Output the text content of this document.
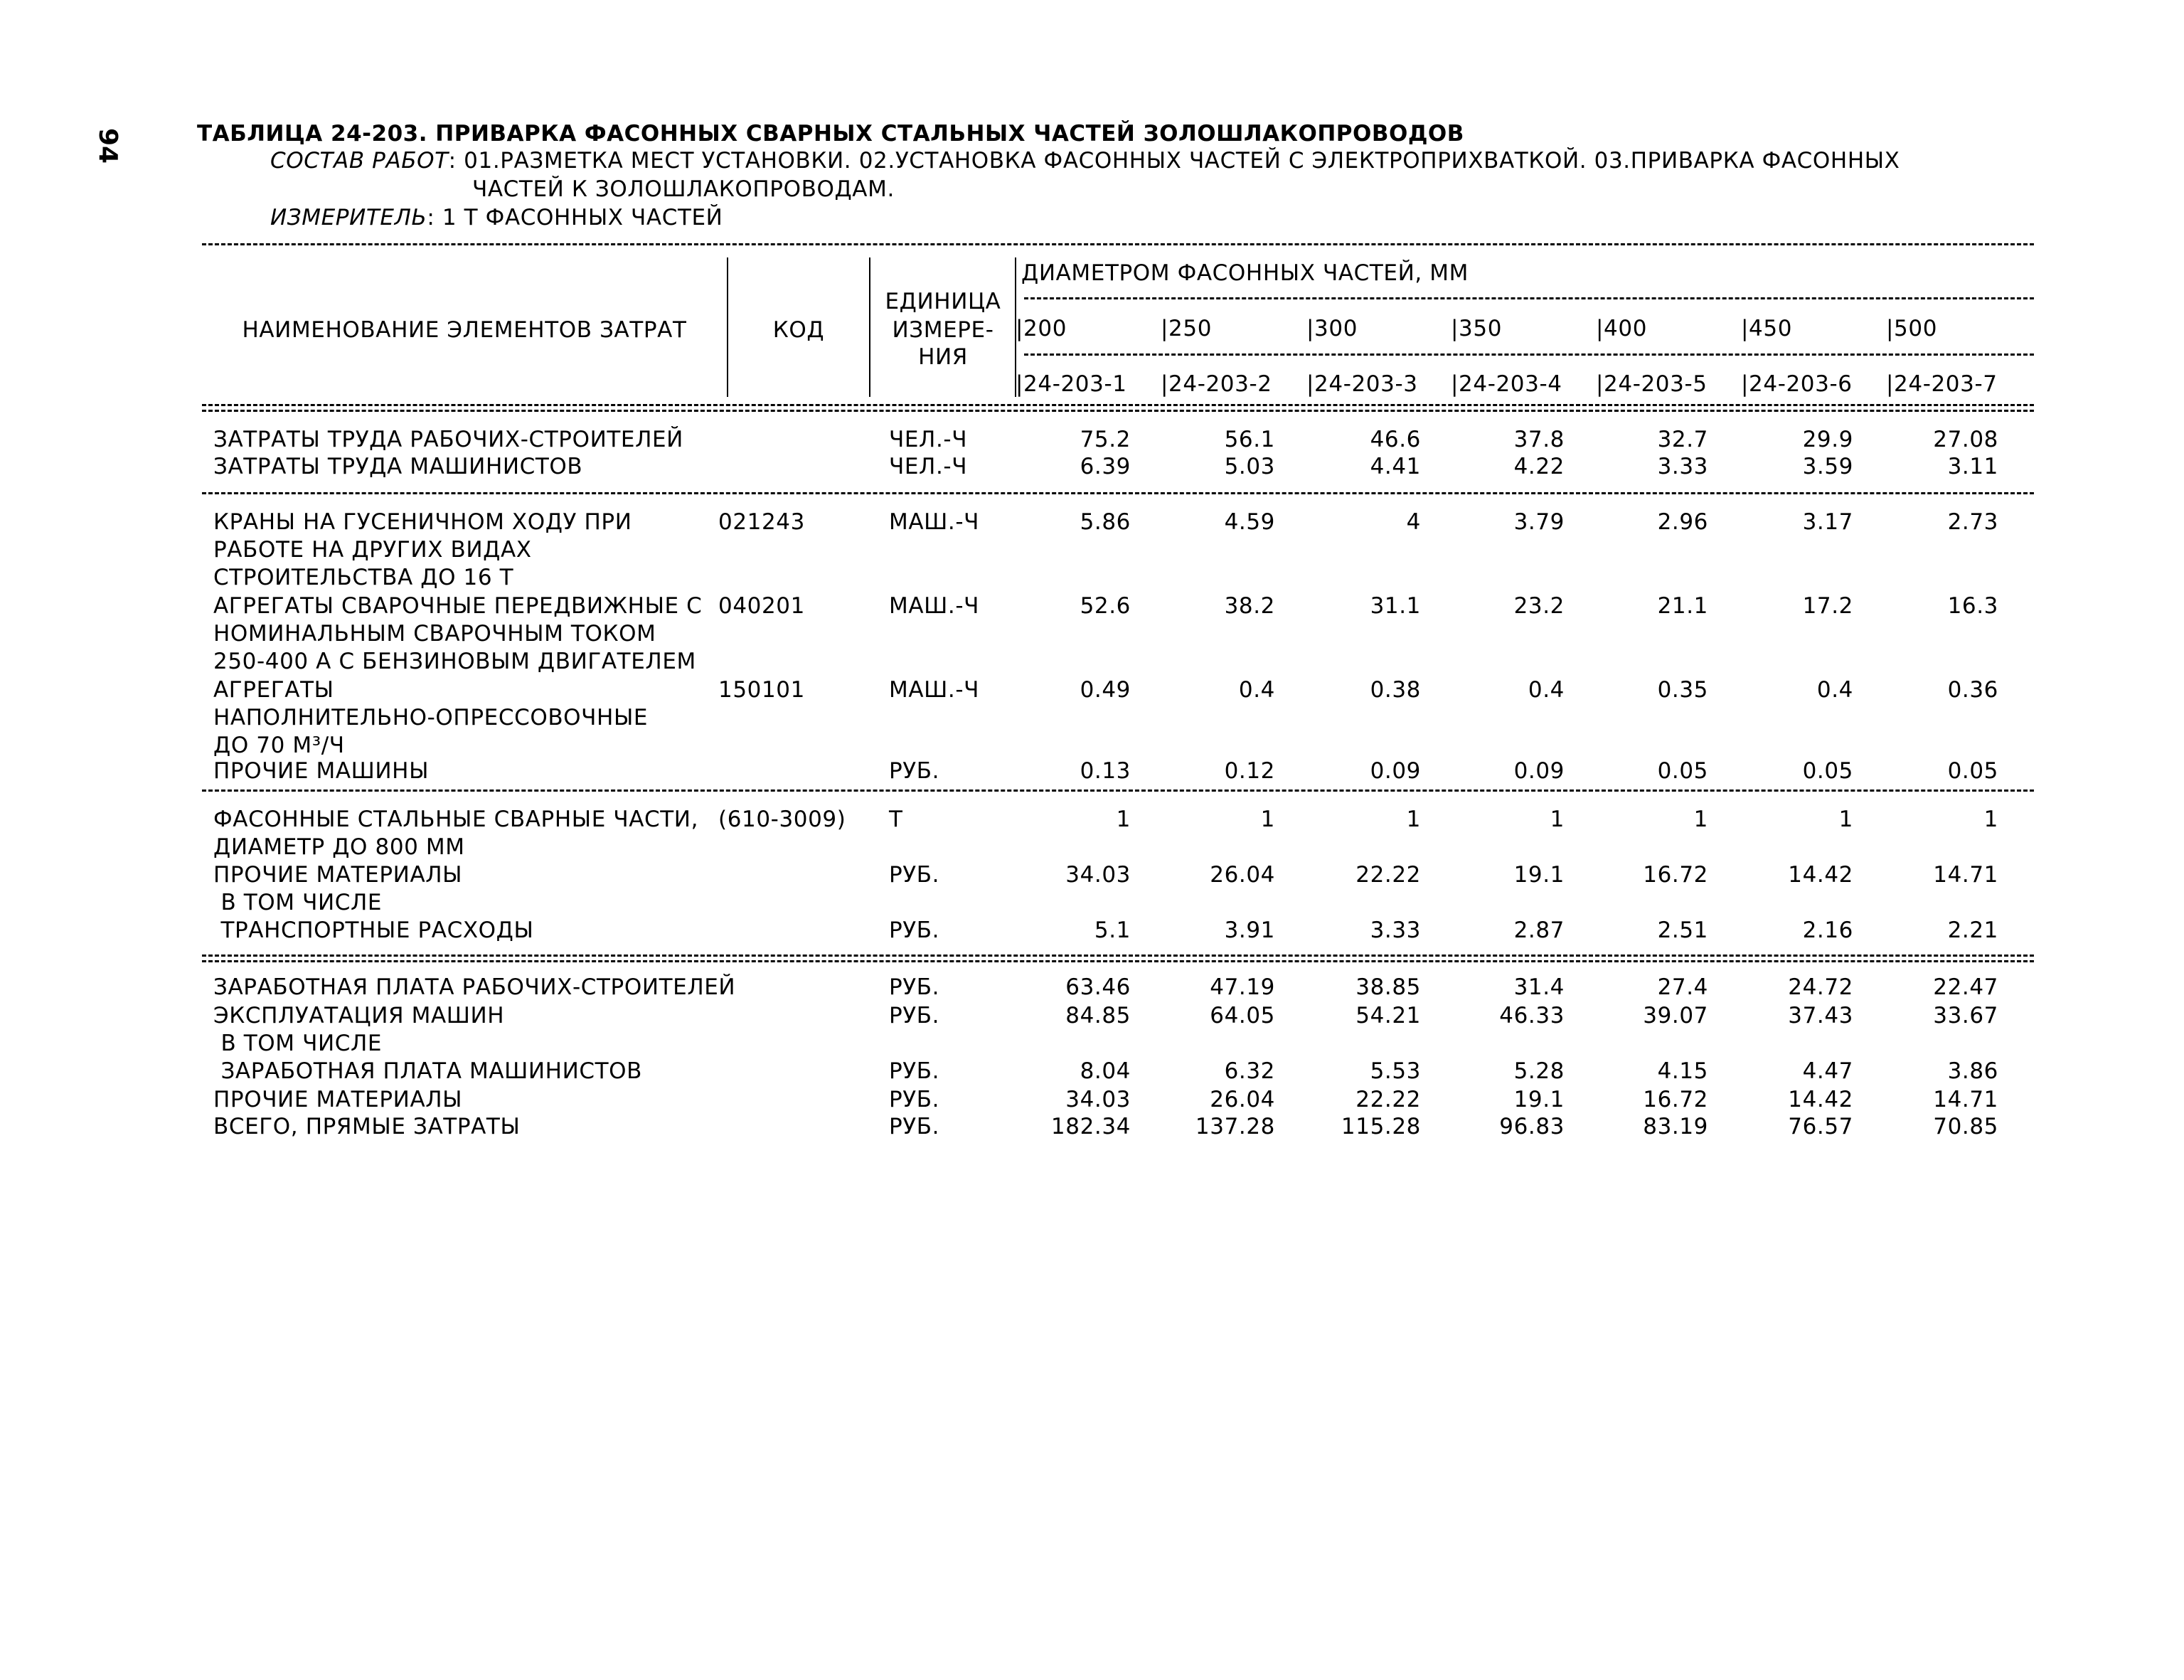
94	ТАБЛИЦА 24-203. ПРИВАРКА ФАСОННЫХ СВАРНЫХ СТАЛЬНЫХ ЧАСТЕЙ ЗОЛОШЛАКОПРОВОДОВ
СОСТАВ РАБОТ: 01.РАЗМЕТКА МЕСТ УСТАНОВКИ. 02.УСТАНОВКА ФАСОННЫХ ЧАСТЕЙ С ЭЛЕКТРОПРИХВАТКОЙ. 03.ПРИВАРКА ФАСОННЫХ
ЧАСТЕЙ К ЗОЛОШЛАКОПРОВОДАМ.
ИЗМЕРИТЕЛЬ: 1 Т ФАСОННЫХ ЧАСТЕЙ
НАИМЕНОВАНИЕ ЭЛЕМЕНТОВ ЗАТРАТ	КОД
ЕДИНИЦА
ИЗМЕРЕ-
НИЯ
ДИАМЕТРОМ ФАСОННЫХ ЧАСТЕЙ, ММ
|200	|250	|300	|350	|400	|450	|500
|24-203-1 |24-203-2 |24-203-3 |24-203-4 |24-203-5 |24-203-6 |24-203-7
ЗАТРАТЫ ТРУДА РАБОЧИХ-СТРОИТЕЛЕЙ	ЧЕЛ.-Ч	75.2	56.1	46.6	37.8	32.7	29.9	27.08
ЗАТРАТЫ ТРУДА МАШИНИСТОВ	ЧЕЛ.-Ч	6.39	5.03	4.41	4.22	3.33	3.59	3.11
КРАНЫ НА ГУСЕНИЧНОМ ХОДУ ПРИ
РАБОТЕ НА ДРУГИХ ВИДАХ
СТРОИТЕЛЬСТВА ДО 16 Т
021243	МАШ.-Ч	5.86	4.59	4	3.79	2.96	3.17	2.73
АГРЕГАТЫ СВАРОЧНЫЕ ПЕРЕДВИЖНЫЕ С
НОМИНАЛЬНЫМ СВАРОЧНЫМ ТОКОМ
250-400 А С БЕНЗИНОВЫМ ДВИГАТЕЛЕМ
040201	МАШ.-Ч	52.6	38.2	31.1	23.2	21.1	17.2	16.3
АГРЕГАТЫ
НАПОЛНИТЕЛЬНО-ОПРЕССОВОЧНЫЕ
ДО 70 М³/Ч
150101	МАШ.-Ч	0.49	0.4	0.38	0.4	0.35	0.4	0.36
ПРОЧИЕ МАШИНЫ	РУБ.	0.13	0.12	0.09	0.09	0.05	0.05	0.05
ФАСОННЫЕ СТАЛЬНЫЕ СВАРНЫЕ ЧАСТИ,
ДИАМЕТР ДО 800 ММ
(610-3009) Т	1	1	1	1	1	1	1
ПРОЧИЕ МАТЕРИАЛЫ
В ТОМ ЧИСЛЕ
РУБ.	34.03	26.04	22.22	19.1	16.72	14.42	14.71
ТРАНСПОРТНЫЕ РАСХОДЫ	РУБ.	5.1	3.91	3.33	2.87	2.51	2.16	2.21
ЗАРАБОТНАЯ ПЛАТА РАБОЧИХ-СТРОИТЕЛЕЙ	РУБ.	63.46	47.19	38.85	31.4	27.4	24.72	22.47
ЭКСПЛУАТАЦИЯ МАШИН
В ТОМ ЧИСЛЕ
РУБ.	84.85	64.05	54.21	46.33	39.07	37.43	33.67
ЗАРАБОТНАЯ ПЛАТА МАШИНИСТОВ	РУБ.	8.04	6.32	5.53	5.28	4.15	4.47	3.86
ПРОЧИЕ МАТЕРИАЛЫ	РУБ.	34.03	26.04	22.22	19.1	16.72	14.42	14.71
ВСЕГО, ПРЯМЫЕ ЗАТРАТЫ	РУБ.	182.34	137.28	115.28	96.83	83.19	76.57	70.85
